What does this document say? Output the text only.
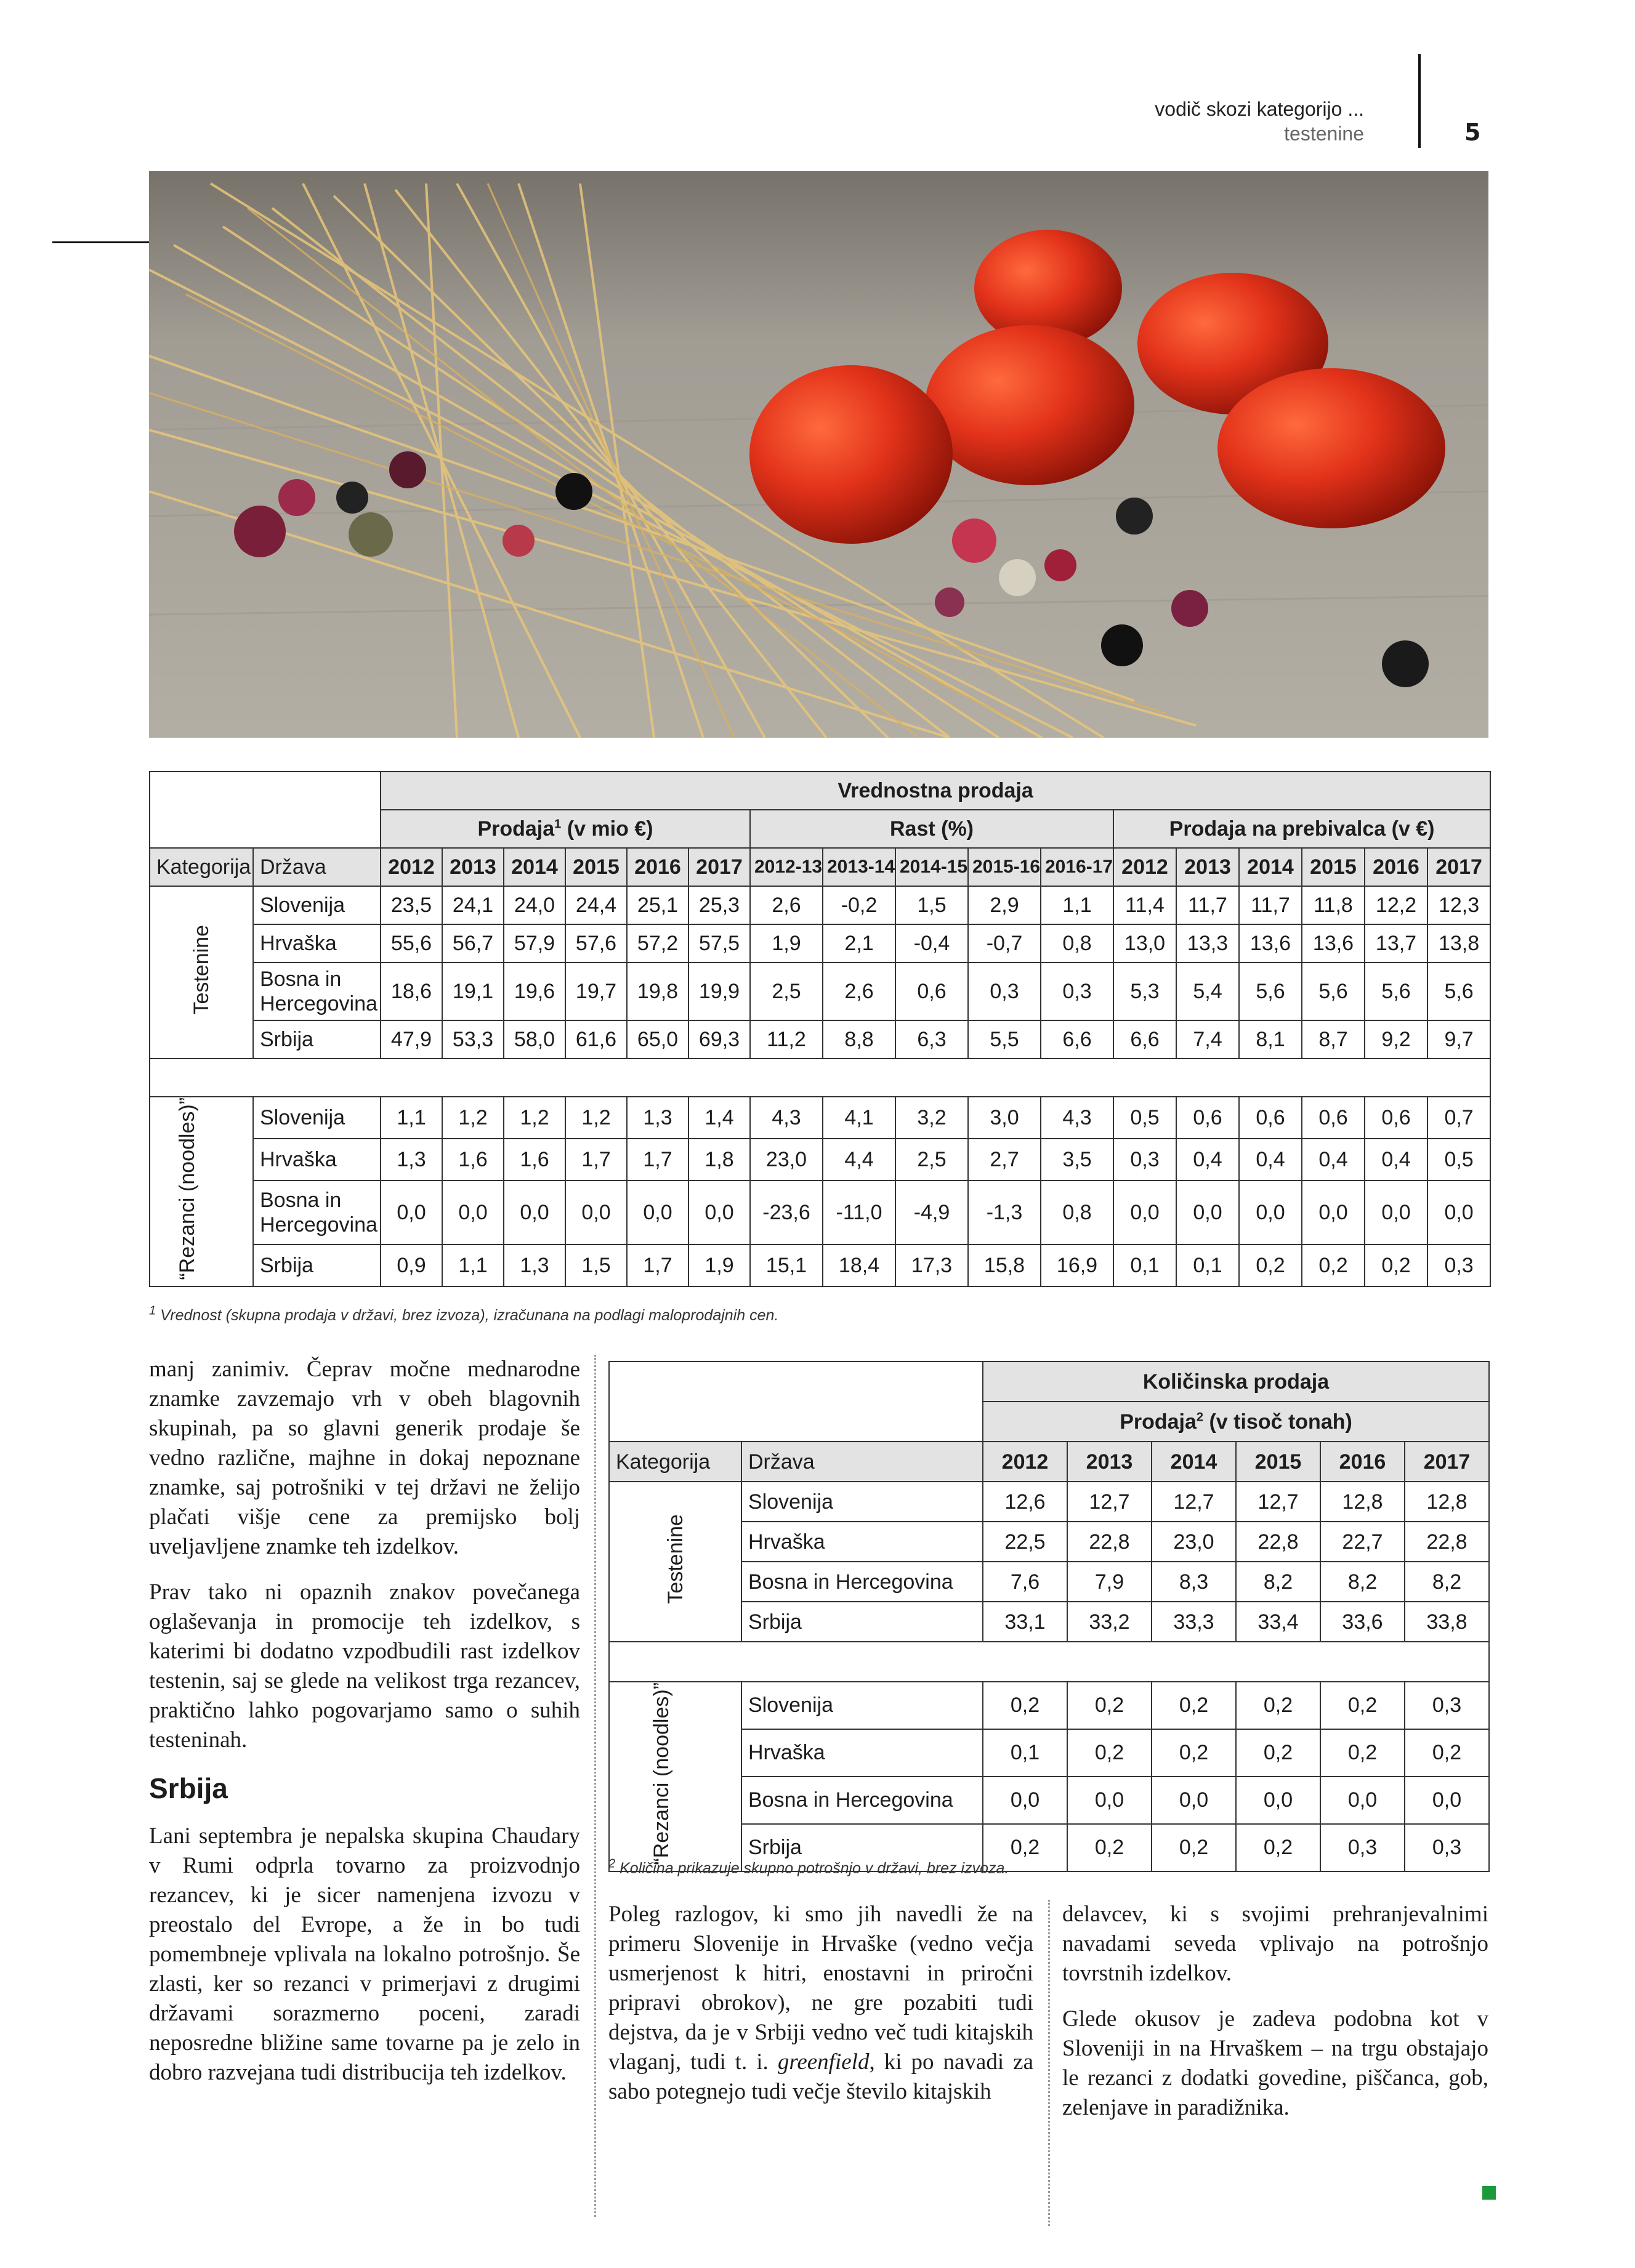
vodič skozi kategorijo ...
testenine	5
		Vrednostna prodaja																
		Prodaja$^1$ (v mio €)						Rast (%)					Prodaja na prebivalca (v €)					
Kategorija	Država	2012	2013	2014	2015	2016	2017	2012-13	2013-14	2014-15	2015-16	2016-17	2012	2013	2014	2015	2016	2017
Testenine	Slovenija	23,5	24,1	24,0	24,4	25,1	25,3	2,6	-0,2	1,5	2,9	1,1	11,4	11,7	11,7	11,8	12,2	12,3
	Hrvaška	55,6	56,7	57,9	57,6	57,2	57,5	1,9	2,1	-0,4	-0,7	0,8	13,0	13,3	13,6	13,6	13,7	13,8
	Bosna in Hercegovina	18,6	19,1	19,6	19,7	19,8	19,9	2,5	2,6	0,6	0,3	0,3	5,3	5,4	5,6	5,6	5,6	5,6
	Srbija	47,9	53,3	58,0	61,6	65,0	69,3	11,2	8,8	6,3	5,5	6,6	6,6	7,4	8,1	8,7	9,2	9,7

“Rezanci (noodles)”	Slovenija	1,1	1,2	1,2	1,2	1,3	1,4	4,3	4,1	3,2	3,0	4,3	0,5	0,6	0,6	0,6	0,6	0,7
	Hrvaška	1,3	1,6	1,6	1,7	1,7	1,8	23,0	4,4	2,5	2,7	3,5	0,3	0,4	0,4	0,4	0,4	0,5
	Bosna in Hercegovina	0,0	0,0	0,0	0,0	0,0	0,0	-23,6	-11,0	-4,9	-1,3	0,8	0,0	0,0	0,0	0,0	0,0	0,0
	Srbija	0,9	1,1	1,3	1,5	1,7	1,9	15,1	18,4	17,3	15,8	16,9	0,1	0,1	0,2	0,2	0,2	0,3
$^1$ Vrednost (skupna prodaja v državi, brez izvoza), izračunana na podlagi maloprodajnih cen.
		Količinska prodaja					
		Prodaja$^2$ (v tisoč tonah)					
Kategorija	Država	2012	2013	2014	2015	2016	2017
Testenine	Slovenija	12,6	12,7	12,7	12,7	12,8	12,8
	Hrvaška	22,5	22,8	23,0	22,8	22,7	22,8
	Bosna in Hercegovina	7,6	7,9	8,3	8,2	8,2	8,2
	Srbija	33,1	33,2	33,3	33,4	33,6	33,8

“Rezanci (noodles)”	Slovenija	0,2	0,2	0,2	0,2	0,2	0,3
	Hrvaška	0,1	0,2	0,2	0,2	0,2	0,2
	Bosna in Hercegovina	0,0	0,0	0,0	0,0	0,0	0,0
	Srbija	0,2	0,2	0,2	0,2	0,3	0,3
$^2$ Količina prikazuje skupno potrošnjo v državi, brez izvoza.

manj zanimiv. Čeprav močne mednarodne znamke zavzemajo vrh v obeh blagovnih skupinah, pa so glavni generik prodaje še vedno različne, majhne in dokaj nepoznane znamke, saj potrošniki v tej državi ne želijo plačati višje cene za premijsko bolj uveljavljene znamke teh izdelkov.

Prav tako ni opaznih znakov povečanega oglaševanja in promocije teh izdelkov, s katerimi bi dodatno vzpodbudili rast izdelkov testenin, saj se glede na velikost trga rezancev, praktično lahko pogovarjamo samo o suhih testeninah.

Srbija

Lani septembra je nepalska skupina Chaudary v Rumi odprla tovarno za proizvodnjo rezancev, ki je sicer namenjena izvozu v preostalo del Evrope, a že in bo tudi pomembneje vplivala na lokalno potrošnjo. Še zlasti, ker so rezanci v primerjavi z drugimi državami sorazmerno poceni, zaradi neposredne bližine same tovarne pa je zelo in dobro razvejana tudi distribucija teh izdelkov.

Poleg razlogov, ki smo jih navedli že na primeru Slovenije in Hrvaške (vedno večja usmerjenost k hitri, enostavni in priročni pripravi obrokov), ne gre pozabiti tudi dejstva, da je v Srbiji vedno več tudi kitajskih vlaganj, tudi t. i. greenfield, ki po navadi za sabo potegnejo tudi večje število kitajskih

delavcev, ki s svojimi prehranjevalnimi navadami seveda vplivajo na potrošnjo tovrstnih izdelkov.

Glede okusov je zadeva podobna kot v Sloveniji in na Hrvaškem – na trgu obstajajo le rezanci z dodatki govedine, piščanca, gob, zelenjave in paradižnika.
